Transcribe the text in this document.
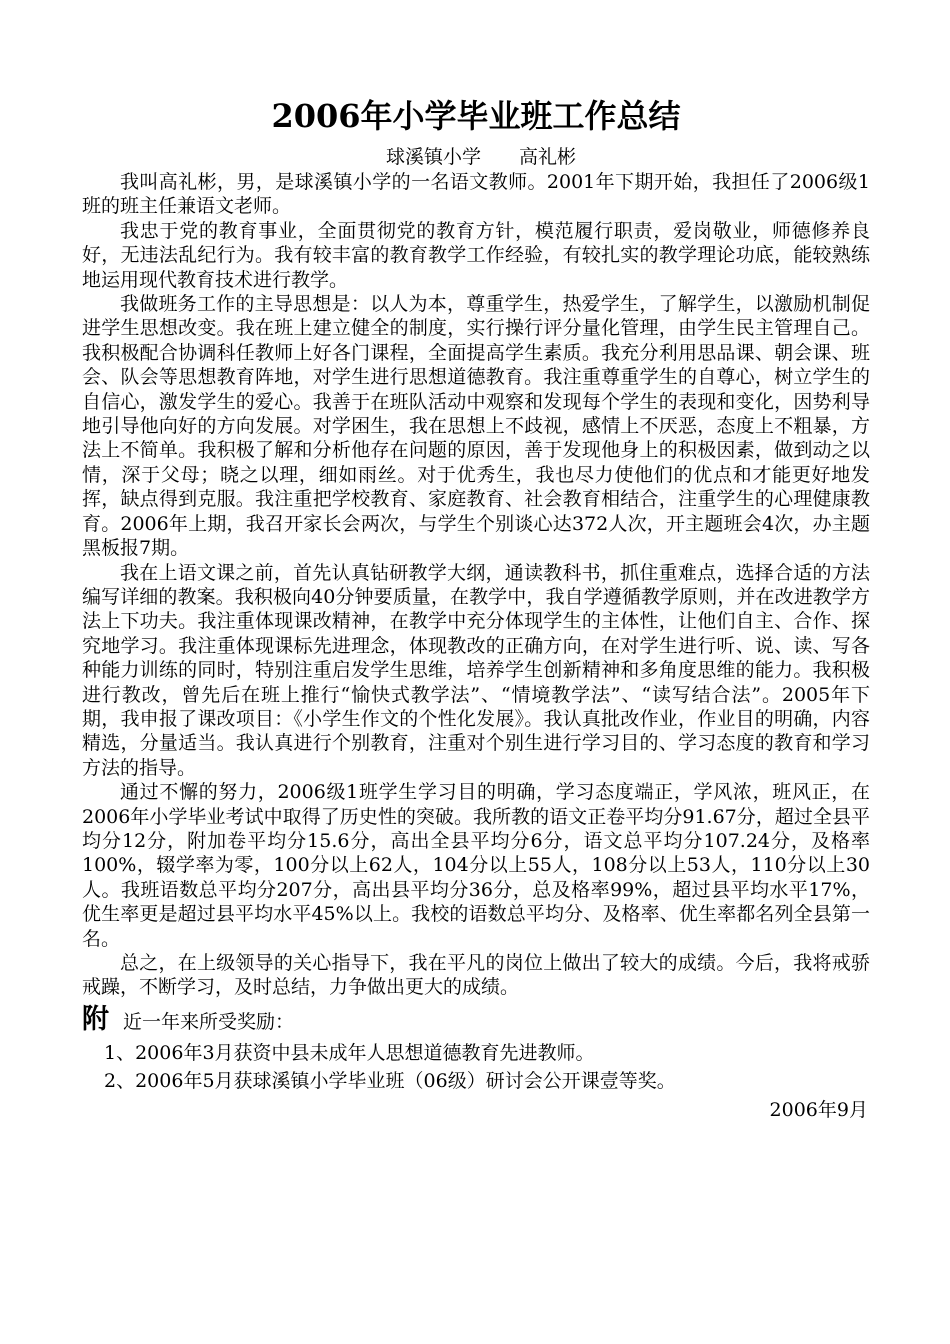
2006年小学毕业班工作总结
球溪镇小学　　高礼彬

我叫高礼彬，男，是球溪镇小学的一名语文教师。2001年下期开始，我担任了2006级1班的班主任兼语文老师。

我忠于党的教育事业，全面贯彻党的教育方针，模范履行职责，爱岗敬业，师德修养良好，无违法乱纪行为。我有较丰富的教育教学工作经验，有较扎实的教学理论功底，能较熟练地运用现代教育技术进行教学。

我做班务工作的主导思想是：以人为本，尊重学生，热爱学生，了解学生，以激励机制促进学生思想改变。我在班上建立健全的制度，实行操行评分量化管理，由学生民主管理自己。我积极配合协调科任教师上好各门课程，全面提高学生素质。我充分利用思品课、朝会课、班会、队会等思想教育阵地，对学生进行思想道德教育。我注重尊重学生的自尊心，树立学生的自信心，激发学生的爱心。我善于在班队活动中观察和发现每个学生的表现和变化，因势利导地引导他向好的方向发展。对学困生，我在思想上不歧视，感情上不厌恶，态度上不粗暴，方法上不简单。我积极了解和分析他存在问题的原因，善于发现他身上的积极因素，做到动之以情，深于父母；晓之以理，细如雨丝。对于优秀生，我也尽力使他们的优点和才能更好地发挥，缺点得到克服。我注重把学校教育、家庭教育、社会教育相结合，注重学生的心理健康教育。2006年上期，我召开家长会两次，与学生个别谈心达372人次，开主题班会4次，办主题黑板报7期。

我在上语文课之前，首先认真钻研教学大纲，通读教科书，抓住重难点，选择合适的方法编写详细的教案。我积极向40分钟要质量，在教学中，我自学遵循教学原则，并在改进教学方法上下功夫。我注重体现课改精神，在教学中充分体现学生的主体性，让他们自主、合作、探究地学习。我注重体现课标先进理念，体现教改的正确方向，在对学生进行听、说、读、写各种能力训练的同时，特别注重启发学生思维，培养学生创新精神和多角度思维的能力。我积极进行教改，曾先后在班上推行“愉快式教学法”、“情境教学法”、“读写结合法”。2005年下期，我申报了课改项目：《小学生作文的个性化发展》。我认真批改作业，作业目的明确，内容精选，分量适当。我认真进行个别教育，注重对个别生进行学习目的、学习态度的教育和学习方法的指导。

通过不懈的努力，2006级1班学生学习目的明确，学习态度端正，学风浓，班风正，在2006年小学毕业考试中取得了历史性的突破。我所教的语文正卷平均分91.67分，超过全县平均分12分，附加卷平均分15.6分，高出全县平均分6分，语文总平均分107.24分，及格率100%，辍学率为零，100分以上62人，104分以上55人，108分以上53人，110分以上30人。我班语数总平均分207分，高出县平均分36分，总及格率99%，超过县平均水平17%，优生率更是超过县平均水平45%以上。我校的语数总平均分、及格率、优生率都名列全县第一名。

总之，在上级领导的关心指导下，我在平凡的岗位上做出了较大的成绩。今后，我将戒骄戒躁，不断学习，及时总结，力争做出更大的成绩。

附 近一年来所受奖励：
1、2006年3月获资中县未成年人思想道德教育先进教师。
2、2006年5月获球溪镇小学毕业班（06级）研讨会公开课壹等奖。
2006年9月
